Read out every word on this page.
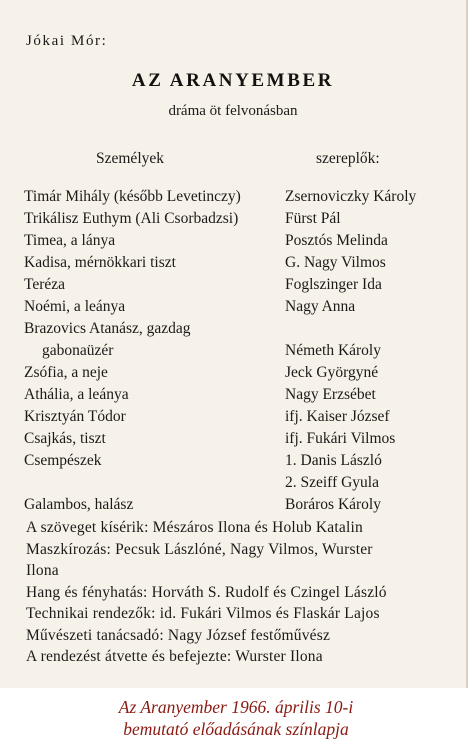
Jókai Mór:
AZ ARANYEMBER
dráma öt felvonásban
Személyek	szereplők:
Timár Mihály (később Levetinczy)	Zsernoviczky Károly
Trikálisz Euthym (Ali Csorbadzsi)	Fürst Pál
Timea, a lánya	Posztós Melinda
Kadisa, mérnökkari tiszt	G. Nagy Vilmos
Teréza	Foglszinger Ida
Noémi, a leánya	Nagy Anna
Brazovics Atanász, gazdag
gabonaüzér	Németh Károly
Zsófia, a neje	Jeck Györgyné
Athália, a leánya	Nagy Erzsébet
Krisztyán Tódor	ifj. Kaiser József
Csajkás, tiszt	ifj. Fukári Vilmos
Csempészek	1. Danis László
2. Szeiff Gyula
Galambos, halász	Boráros Károly
A szöveget kísérik: Mészáros Ilona és Holub Katalin
Maszkírozás: Pecsuk Lászlóné, Nagy Vilmos, Wurster
Ilona
Hang és fényhatás: Horváth S. Rudolf és Czingel László
Technikai rendezők: id. Fukári Vilmos és Flaskár Lajos
Művészeti tanácsadó: Nagy József festőművész
A rendezést átvette és befejezte: Wurster Ilona
Az Aranyember 1966. április 10-i
bemutató előadásának színlapja
